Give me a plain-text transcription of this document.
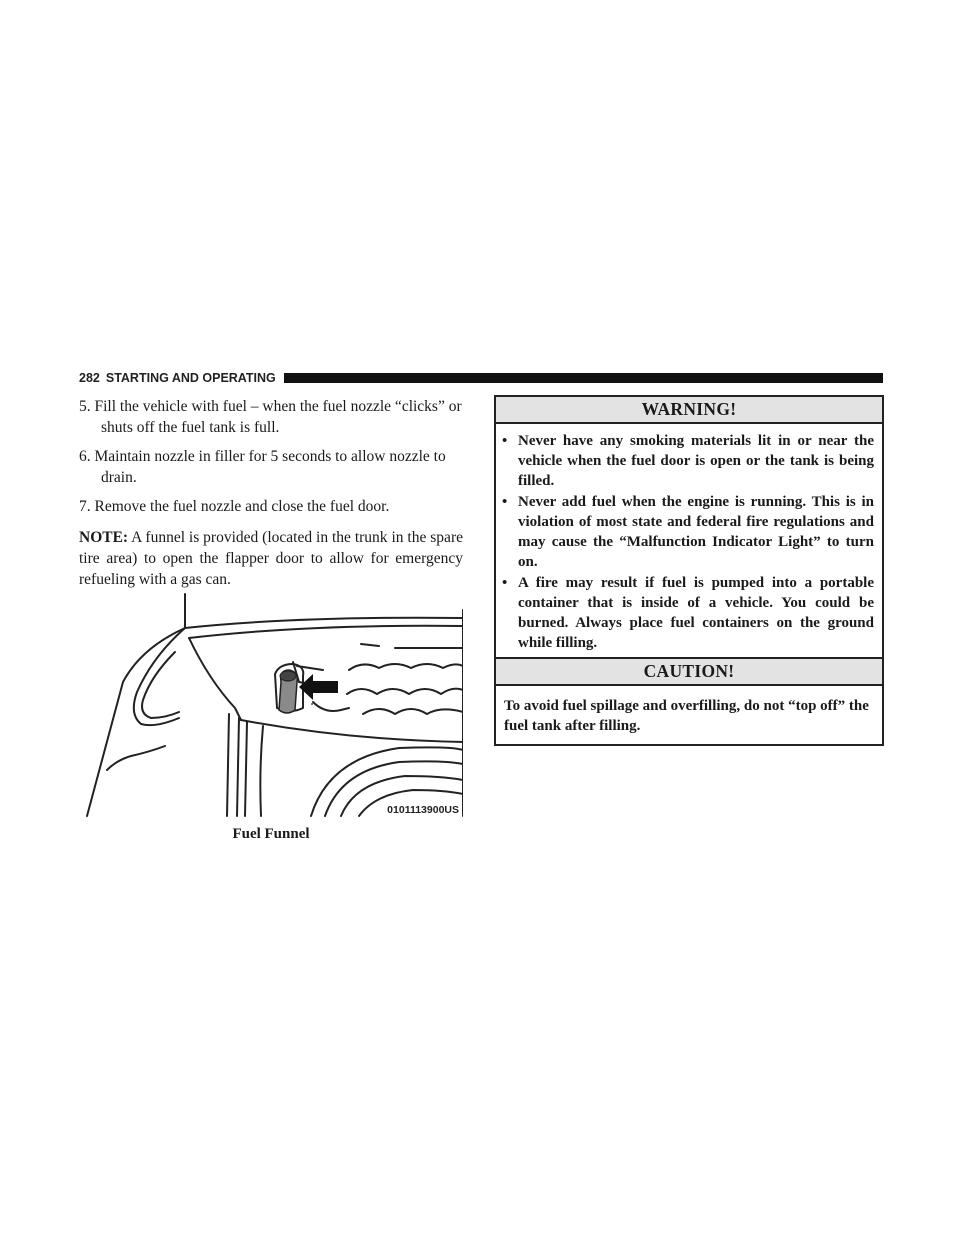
282 STARTING AND OPERATING

5. Fill the vehicle with fuel – when the fuel nozzle “clicks” or shuts off the fuel tank is full.

6. Maintain nozzle in filler for 5 seconds to allow nozzle to drain.

7. Remove the fuel nozzle and close the fuel door.

NOTE: A funnel is provided (located in the trunk in the spare tire area) to open the flapper door to allow for emergency refueling with a gas can.

0101113900US
Fuel Funnel
WARNING!
• Never have any smoking materials lit in or near the vehicle when the fuel door is open or the tank is being filled.
• Never add fuel when the engine is running. This is in violation of most state and federal fire regulations and may cause the “Malfunction Indicator Light” to turn on.
• A fire may result if fuel is pumped into a portable container that is inside of a vehicle. You could be burned. Always place fuel containers on the ground while filling.
CAUTION!

To avoid fuel spillage and overfilling, do not “top off” the fuel tank after filling.
